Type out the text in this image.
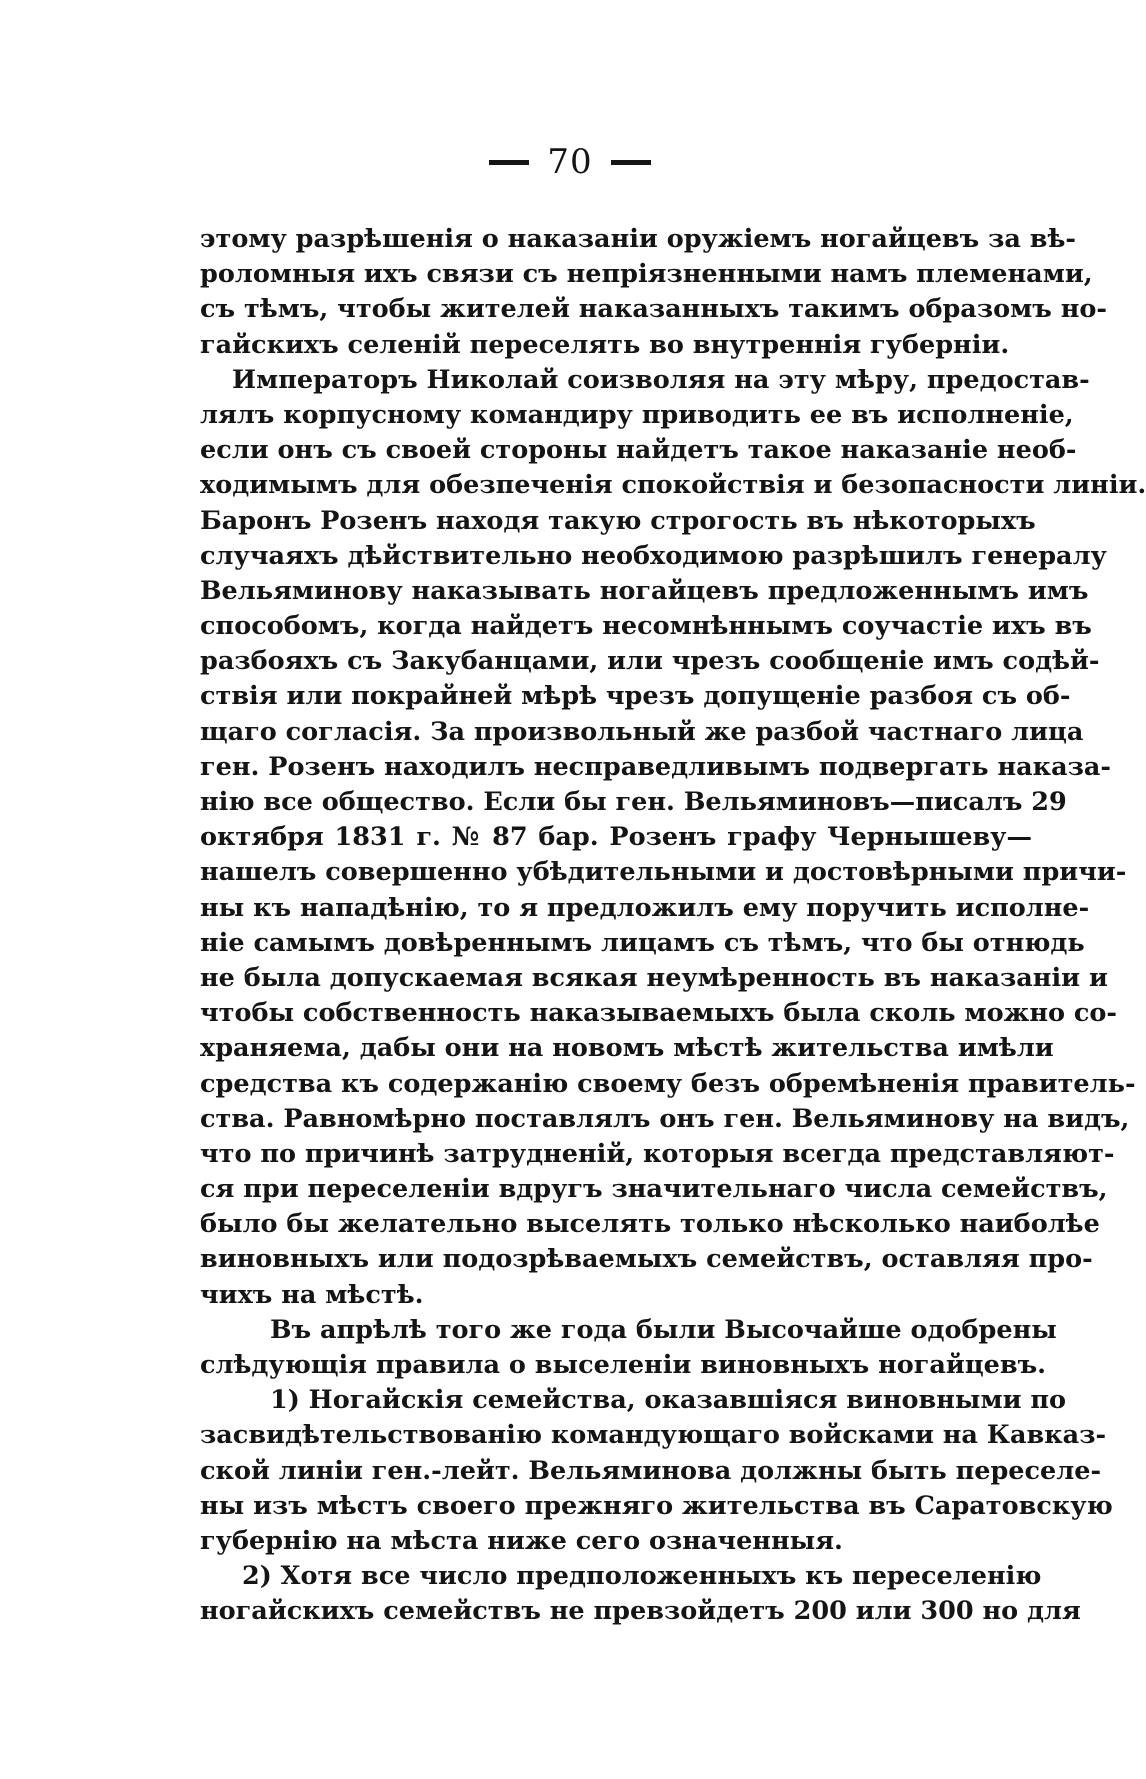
70
этому разрѣшенія о наказаніи оружіемъ ногайцевъ за вѣ-
роломныя ихъ связи съ непріязненными намъ племенами,
съ тѣмъ, чтобы жителей наказанныхъ такимъ образомъ но-
гайскихъ селеній переселять во внутреннія губерніи.
Императоръ Николай соизволяя на эту мѣру, предостав-
лялъ корпусному командиру приводить ее въ исполненіе,
если онъ съ своей стороны найдетъ такое наказаніе необ-
ходимымъ для обезпеченія спокойствія и безопасности линіи.
Баронъ Розенъ находя такую строгость въ нѣкоторыхъ
случаяхъ дѣйствительно необходимою разрѣшилъ генералу
Вельяминову наказывать ногайцевъ предложеннымъ имъ
способомъ, когда найдетъ несомнѣннымъ соучастіе ихъ въ
разбояхъ съ Закубанцами, или чрезъ сообщеніе имъ содѣй-
ствія или покрайней мѣрѣ чрезъ допущеніе разбоя съ об-
щаго согласія. За произвольный же разбой частнаго лица
ген. Розенъ находилъ несправедливымъ подвергать наказа-
нію все общество. Если бы ген. Вельяминовъ—писалъ 29
октября 1831 г. № 87 бар. Розенъ графу Чернышеву—
нашелъ совершенно убѣдительными и достовѣрными причи-
ны къ нападѣнію, то я предложилъ ему поручить исполне-
ніе самымъ довѣреннымъ лицамъ съ тѣмъ, что бы отнюдь
не была допускаемая всякая неумѣренность въ наказаніи и
чтобы собственность наказываемыхъ была сколь можно со-
храняема, дабы они на новомъ мѣстѣ жительства имѣли
средства къ содержанію своему безъ обремѣненія правитель-
ства. Равномѣрно поставлялъ онъ ген. Вельяминову на видъ,
что по причинѣ затрудненій, которыя всегда представляют-
ся при переселеніи вдругъ значительнаго числа семействъ,
было бы желательно выселять только нѣсколько наиболѣе
виновныхъ или подозрѣваемыхъ семействъ, оставляя про-
чихъ на мѣстѣ.
Въ апрѣлѣ того же года были Высочайше одобрены
слѣдующія правила о выселеніи виновныхъ ногайцевъ.
1) Ногайскія семейства, оказавшіяся виновными по
засвидѣтельствованію командующаго войсками на Кавказ-
ской линіи ген.-лейт. Вельяминова должны быть переселе-
ны изъ мѣстъ своего прежняго жительства въ Саратовскую
губернію на мѣста ниже сего означенныя.
2) Хотя все число предположенныхъ къ переселенію
ногайскихъ семействъ не превзойдетъ 200 или 300 но для
